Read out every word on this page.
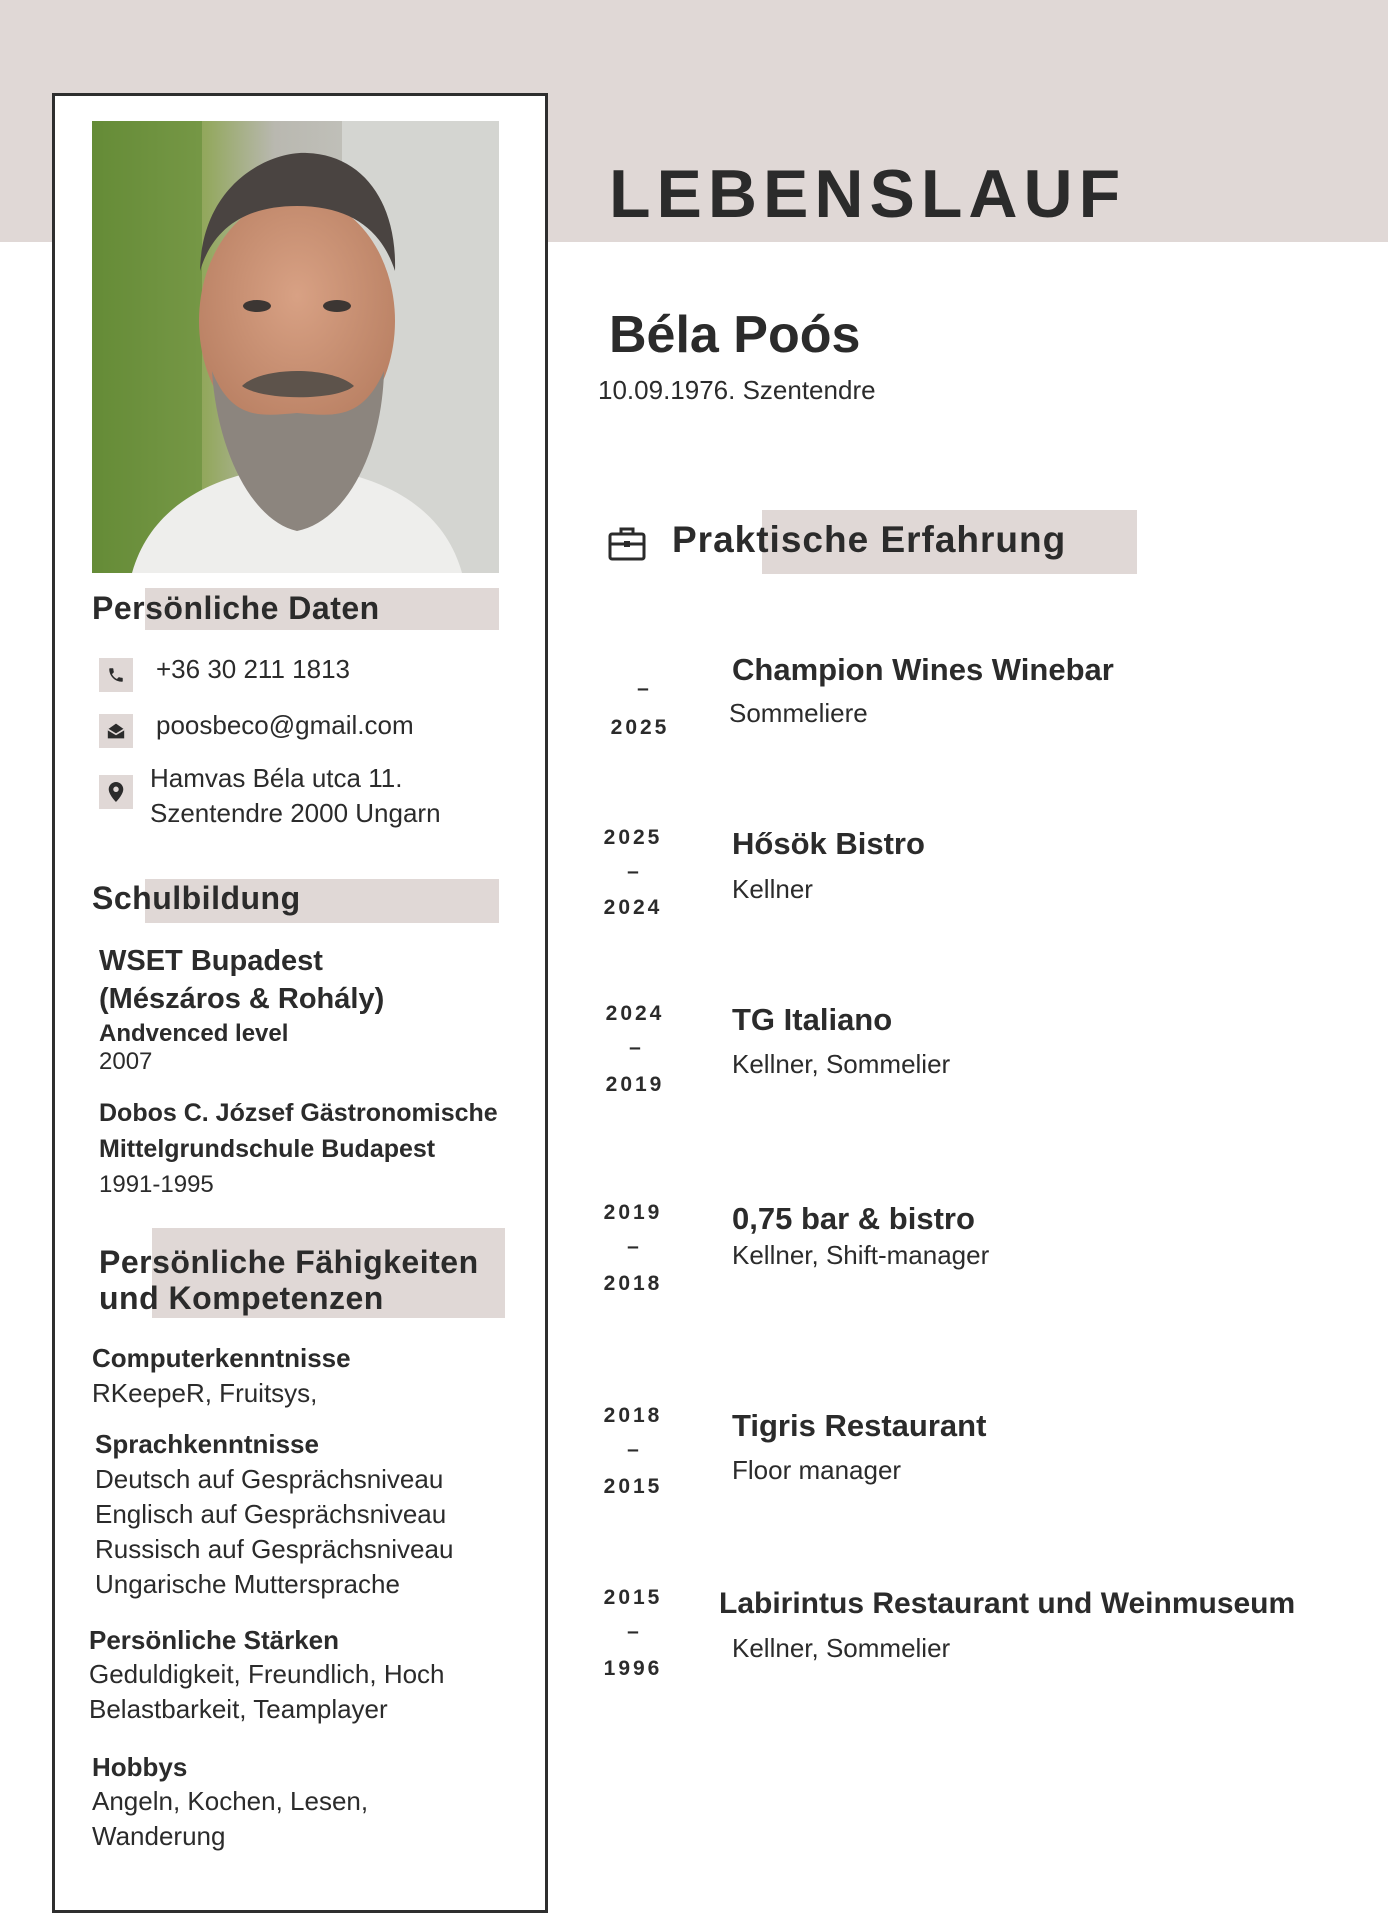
Persönliche Daten
+36 30 211 1813
poosbeco@gmail.com
Hamvas Béla utca 11.
Szentendre 2000 Ungarn
Schulbildung
WSET Bupadest
(Mészáros & Rohály)
Andvenced level
2007
Dobos C. József Gästronomische
Mittelgrundschule Budapest
1991-1995
Persönliche Fähigkeiten
und Kompetenzen
Computerkenntnisse
RKeepeR, Fruitsys,
Sprachkenntnisse
Deutsch auf Gesprächsniveau
Englisch auf Gesprächsniveau
Russisch auf Gesprächsniveau
Ungarische Muttersprache
Persönliche Stärken
Geduldigkeit, Freundlich, Hoch
Belastbarkeit, Teamplayer
Hobbys
Angeln, Kochen, Lesen,
Wanderung
LEBENSLAUF
Béla Poós
10.09.1976. Szentendre
Praktische Erfahrung
–
2025
Champion Wines Winebar
Sommeliere
2025
–
2024
Hősök Bistro
Kellner
2024
–
2019
TG Italiano
Kellner, Sommelier
2019
–
2018
0,75 bar & bistro
Kellner, Shift-manager
2018
–
2015
Tigris Restaurant
Floor manager
2015
–
1996
Labirintus Restaurant und Weinmuseum
Kellner, Sommelier
